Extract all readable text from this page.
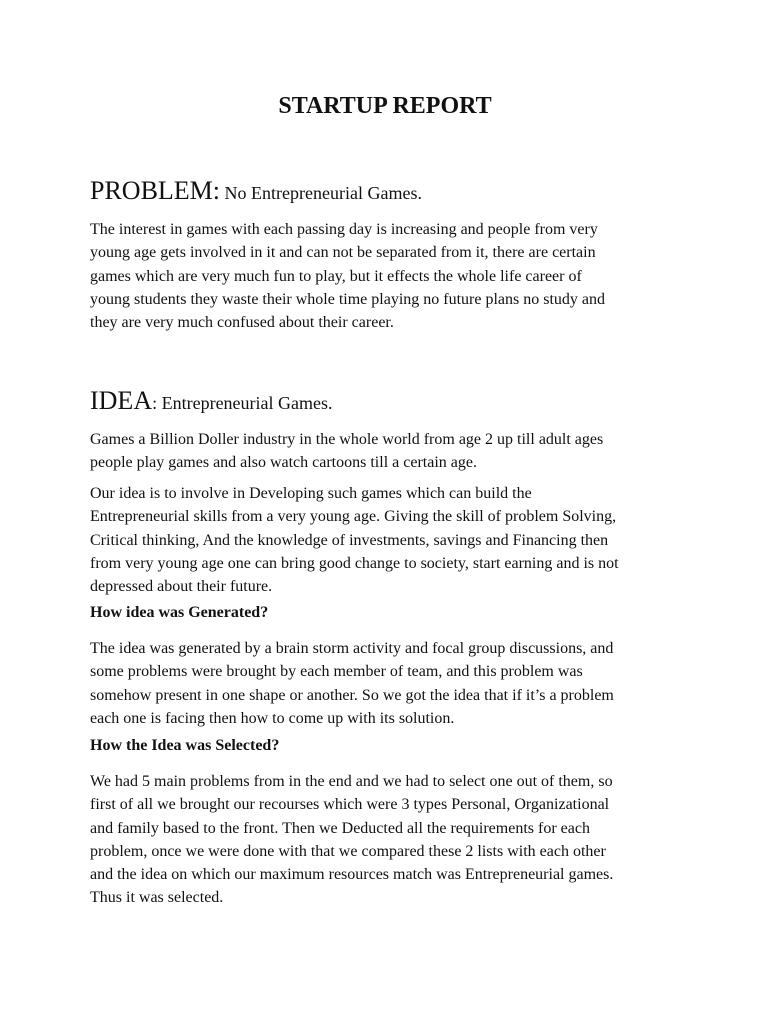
STARTUP REPORT

PROBLEM: No Entrepreneurial Games.

The interest in games with each passing day is increasing and people from very
young age gets involved in it and can not be separated from it, there are certain
games which are very much fun to play, but it effects the whole life career of
young students they waste their whole time playing no future plans no study and
they are very much confused about their career.

IDEA: Entrepreneurial Games.

Games a Billion Doller industry in the whole world from age 2 up till adult ages
people play games and also watch cartoons till a certain age.

Our idea is to involve in Developing such games which can build the
Entrepreneurial skills from a very young age. Giving the skill of problem Solving,
Critical thinking, And the knowledge of investments, savings and Financing then
from very young age one can bring good change to society, start earning and is not
depressed about their future.

How idea was Generated?

The idea was generated by a brain storm activity and focal group discussions, and
some problems were brought by each member of team, and this problem was
somehow present in one shape or another. So we got the idea that if it’s a problem
each one is facing then how to come up with its solution.

How the Idea was Selected?

We had 5 main problems from in the end and we had to select one out of them, so
first of all we brought our recourses which were 3 types Personal, Organizational
and family based to the front. Then we Deducted all the requirements for each
problem, once we were done with that we compared these 2 lists with each other
and the idea on which our maximum resources match was Entrepreneurial games.
Thus it was selected.
